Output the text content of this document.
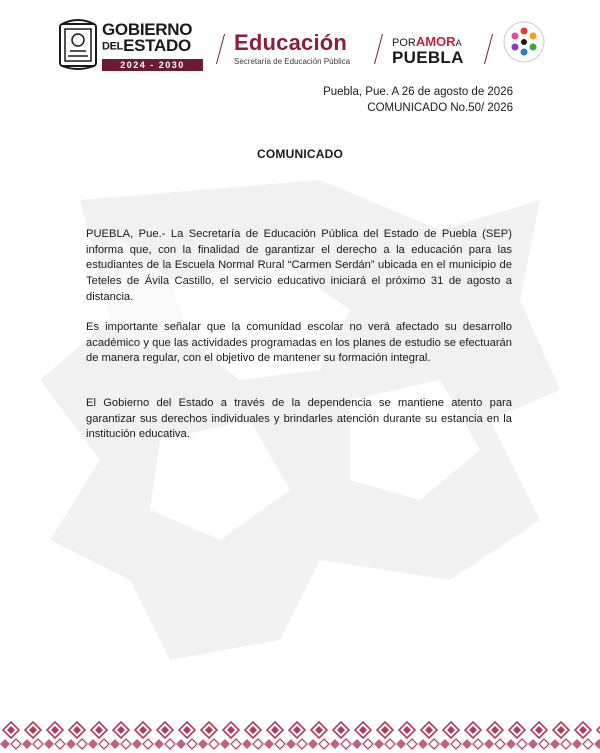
GOBIERNO
DELESTADO
2024 - 2030
Educación
Secretaría de Educación Pública
PORAMORA
PUEBLA
Puebla, Pue. A 26 de agosto de 2026
COMUNICADO No.50/ 2026
COMUNICADO

PUEBLA, Pue.- La Secretaría de Educación Pública del Estado de Puebla (SEP) informa que, con la finalidad de garantizar el derecho a la educación para las estudiantes de la Escuela Normal Rural “Carmen Serdán” ubicada en el municipio de Teteles de Ávila Castillo, el servicio educativo iniciará el próximo 31 de agosto a distancia.

Es importante señalar que la comunidad escolar no verá afectado su desarrollo académico y que las actividades programadas en los planes de estudio se efectuarán de manera regular, con el objetivo de mantener su formación integral.

El Gobierno del Estado a través de la dependencia se mantiene atento para garantizar sus derechos individuales y brindarles atención durante su estancia en la institución educativa.
